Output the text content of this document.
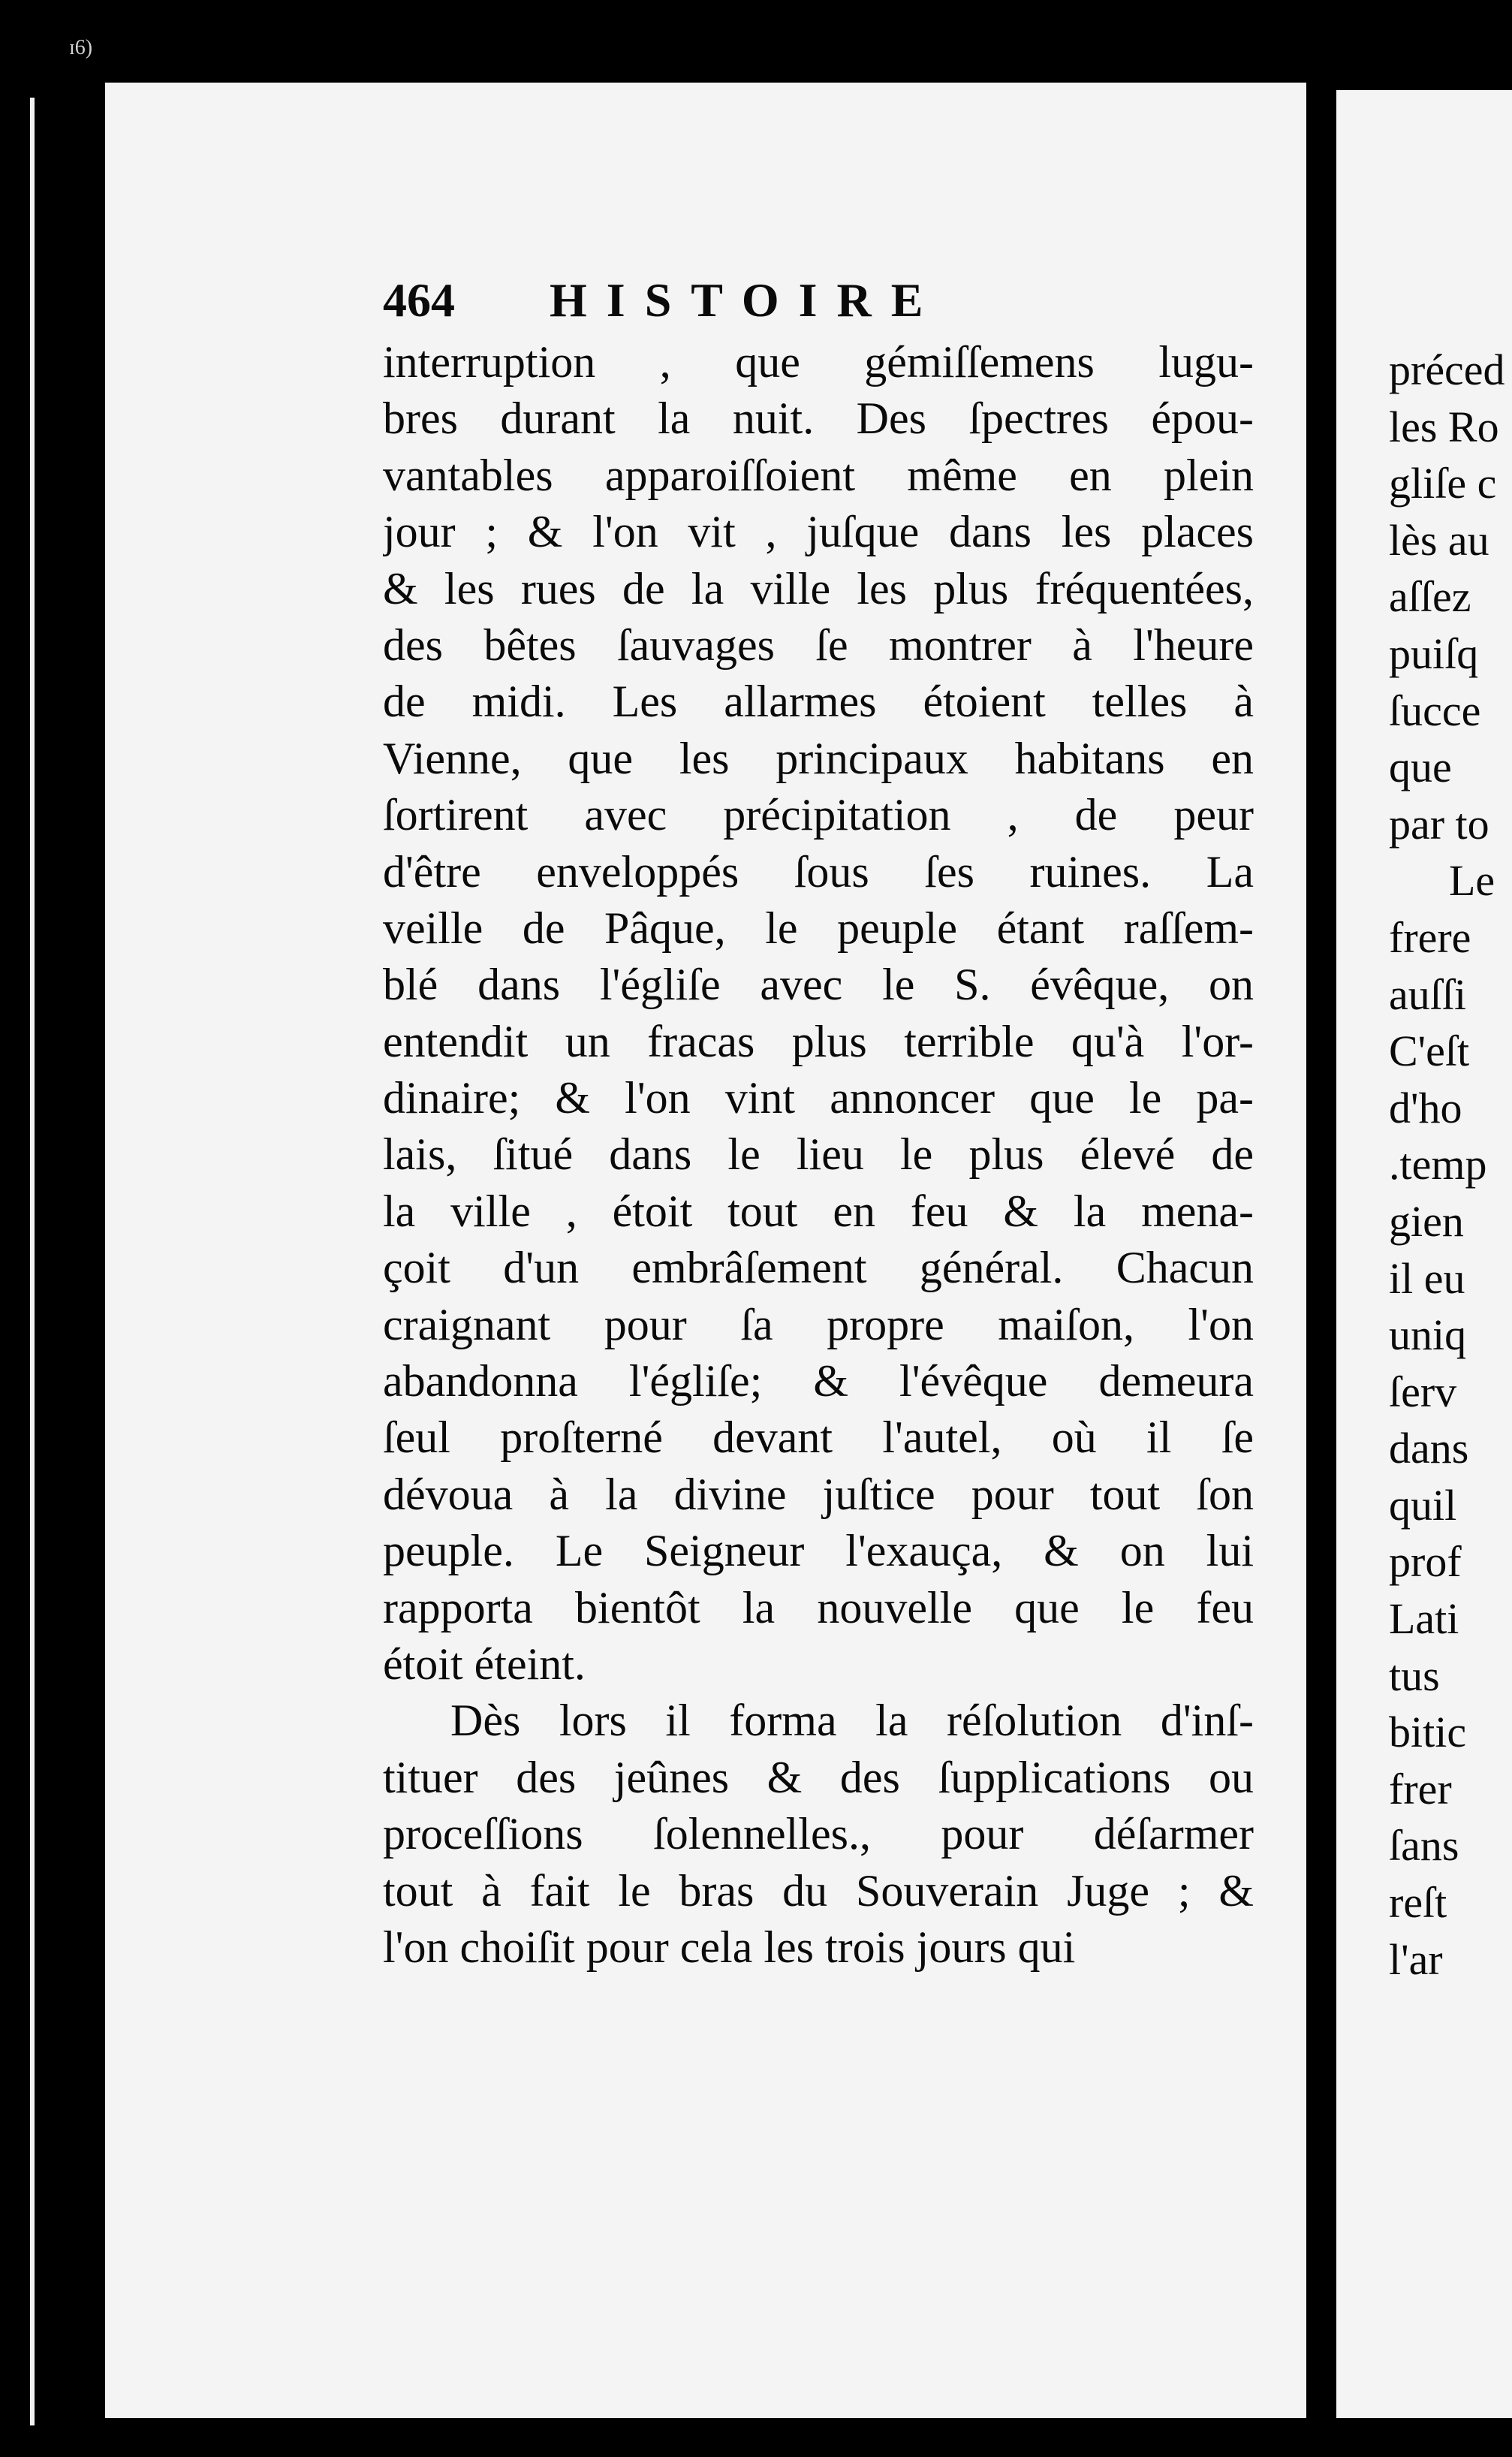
ɪ6)
464 HISTOIRE
interruption , que gémiſſemens lugu-
bres durant la nuit. Des ſpectres épou-
vantables apparoiſſoient même en plein
jour ; & l'on vit , juſque dans les places
& les rues de la ville les plus fréquentées,
des bêtes ſauvages ſe montrer à l'heure
de midi. Les allarmes étoient telles à
Vienne, que les principaux habitans en
ſortirent avec précipitation , de peur
d'être enveloppés ſous ſes ruines. La
veille de Pâque, le peuple étant raſſem-
blé dans l'égliſe avec le S. évêque, on
entendit un fracas plus terrible qu'à l'or-
dinaire; & l'on vint annoncer que le pa-
lais, ſitué dans le lieu le plus élevé de
la ville , étoit tout en feu & la mena-
çoit d'un embrâſement général. Chacun
craignant pour ſa propre maiſon, l'on
abandonna l'égliſe; & l'évêque demeura
ſeul proſterné devant l'autel, où il ſe
dévoua à la divine juſtice pour tout ſon
peuple. Le Seigneur l'exauça, & on lui
rapporta bientôt la nouvelle que le feu
étoit éteint.
Dès lors il forma la réſolution d'inſ-
tituer des jeûnes & des ſupplications ou
proceſſions ſolennelles., pour déſarmer
tout à fait le bras du Souverain Juge ; &
l'on choiſit pour cela les trois jours qui
préced
les Ro
gliſe c
lès au
aſſez
puiſq
ſucce
que
par to
Le
frere
auſſi
C'eſt
d'ho
.temp
gien
il eu
uniq
ſerv
dans
quil
prof
Lati
tus
bitic
frer
ſans
reſt
l'ar
